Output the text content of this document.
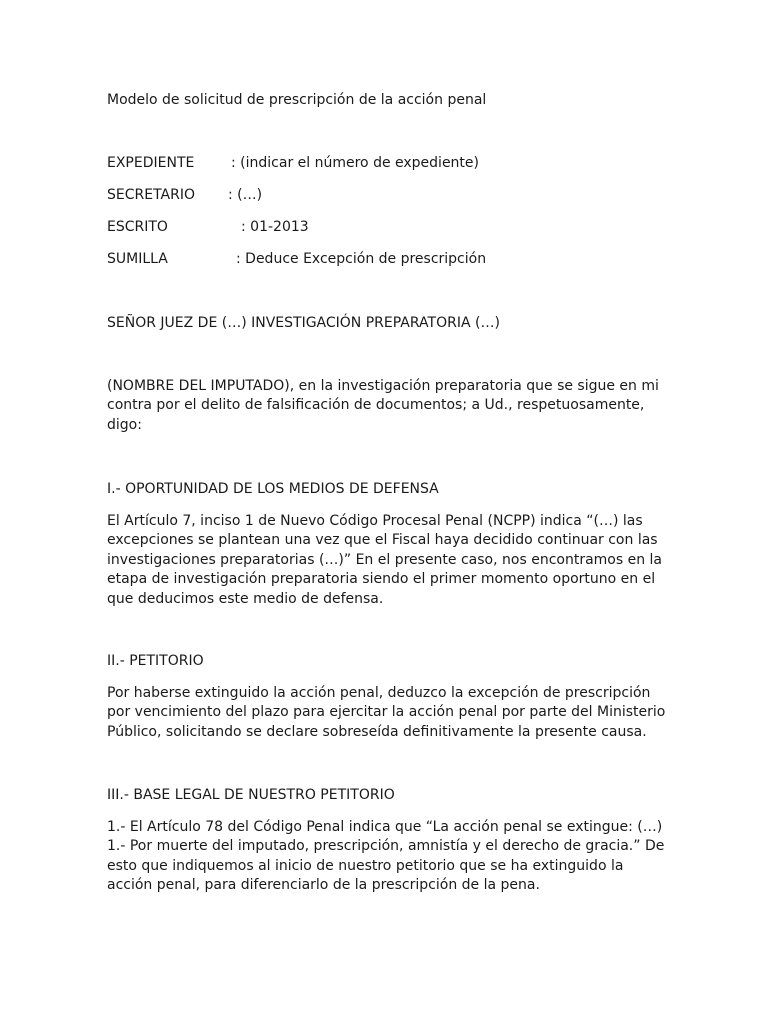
Modelo de solicitud de prescripción de la acción penal
EXPEDIENTE	: (indicar el número de expediente)
SECRETARIO : (…)
ESCRITO	: 01-2013
SUMILLA	: Deduce Excepción de prescripción
SEÑOR JUEZ DE (…) INVESTIGACIÓN PREPARATORIA (…)
(NOMBRE DEL IMPUTADO), en la investigación preparatoria que se sigue en mi contra por el delito de falsificación de documentos; a Ud., respetuosamente, digo:
I.- OPORTUNIDAD DE LOS MEDIOS DE DEFENSA
El Artículo 7, inciso 1 de Nuevo Código Procesal Penal (NCPP) indica “(…) las excepciones se plantean una vez que el Fiscal haya decidido continuar con las investigaciones preparatorias (…)” En el presente caso, nos encontramos en la etapa de investigación preparatoria siendo el primer momento oportuno en el que deducimos este medio de defensa.
II.- PETITORIO
Por haberse extinguido la acción penal, deduzco la excepción de prescripción por vencimiento del plazo para ejercitar la acción penal por parte del Ministerio Público, solicitando se declare sobreseída definitivamente la presente causa.
III.- BASE LEGAL DE NUESTRO PETITORIO
1.- El Artículo 78 del Código Penal indica que “La acción penal se extingue: (…) 1.- Por muerte del imputado, prescripción, amnistía y el derecho de gracia.” De esto que indiquemos al inicio de nuestro petitorio que se ha extinguido la acción penal, para diferenciarlo de la prescripción de la pena.
